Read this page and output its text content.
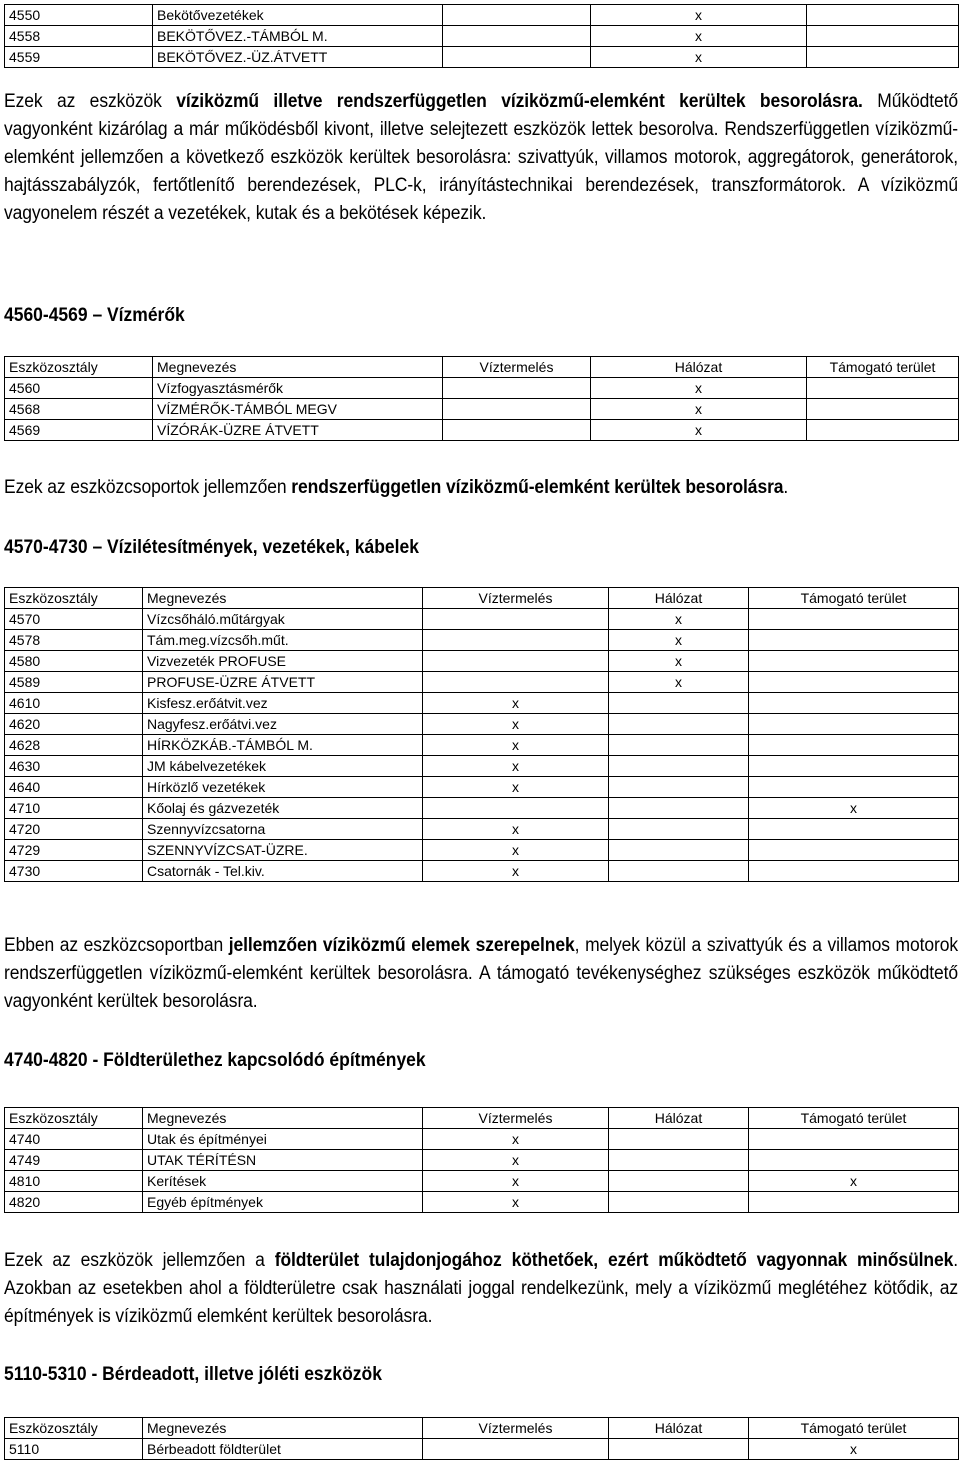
4550	Bekötővezetékek		x	
4558	BEKÖTŐVEZ.-TÁMBÓL M.		x	
4559	BEKÖTŐVEZ.-ÜZ.ÁTVETT		x	

Ezek az eszközök víziközmű illetve rendszerfüggetlen víziközmű-elemként kerültek besorolásra. Működtető vagyonként kizárólag a már működésből kivont, illetve selejtezett eszközök lettek besorolva. Rendszerfüggetlen víziközmű-elemként jellemzően a következő eszközök kerültek besorolásra: szivattyúk, villamos motorok, aggregátorok, generátorok, hajtásszabályzók, fertőtlenítő berendezések, PLC-k, irányítástechnikai berendezések, transzformátorok. A víziközmű vagyonelem részét a vezetékek, kutak és a bekötések képezik.

4560-4569 – Vízmérők

Eszközosztály	Megnevezés	Víztermelés	Hálózat	Támogató terület
4560	Vízfogyasztásmérők		x	
4568	VÍZMÉRŐK-TÁMBÓL MEGV		x	
4569	VÍZÓRÁK-ÜZRE ÁTVETT		x	

Ezek az eszközcsoportok jellemzően rendszerfüggetlen víziközmű-elemként kerültek besorolásra.

4570-4730 – Vízilétesítmények, vezetékek, kábelek

Eszközosztály	Megnevezés	Víztermelés	Hálózat	Támogató terület
4570	Vízcsőháló.műtárgyak		x	
4578	Tám.meg.vízcsőh.műt.		x	
4580	Vizvezeték PROFUSE		x	
4589	PROFUSE-ÜZRE ÁTVETT		x	
4610	Kisfesz.erőátvit.vez	x		
4620	Nagyfesz.erőátvi.vez	x		
4628	HÍRKÖZKÁB.-TÁMBÓL M.	x		
4630	JM kábelvezetékek	x		
4640	Hírközlő vezetékek	x		
4710	Kőolaj és gázvezeték			x
4720	Szennyvízcsatorna	x		
4729	SZENNYVÍZCSAT-ÜZRE.	x		
4730	Csatornák - Tel.kiv.	x		

Ebben az eszközcsoportban jellemzően víziközmű elemek szerepelnek, melyek közül a szivattyúk és a villamos motorok rendszerfüggetlen víziközmű-elemként kerültek besorolásra. A támogató tevékenységhez szükséges eszközök működtető vagyonként kerültek besorolásra.

4740-4820 - Földterülethez kapcsolódó építmények

Eszközosztály	Megnevezés	Víztermelés	Hálózat	Támogató terület
4740	Utak és építményei	x		
4749	UTAK TÉRÍTÉSN	x		
4810	Kerítések	x		x
4820	Egyéb építmények	x		

Ezek az eszközök jellemzően a földterület tulajdonjogához köthetőek, ezért működtető vagyonnak minősülnek. Azokban az esetekben ahol a földterületre csak használati joggal rendelkezünk, mely a víziközmű meglétéhez kötődik, az építmények is víziközmű elemként kerültek besorolásra.

5110-5310 - Bérdeadott, illetve jóléti eszközök

Eszközosztály	Megnevezés	Víztermelés	Hálózat	Támogató terület
5110	Bérbeadott földterület			x
